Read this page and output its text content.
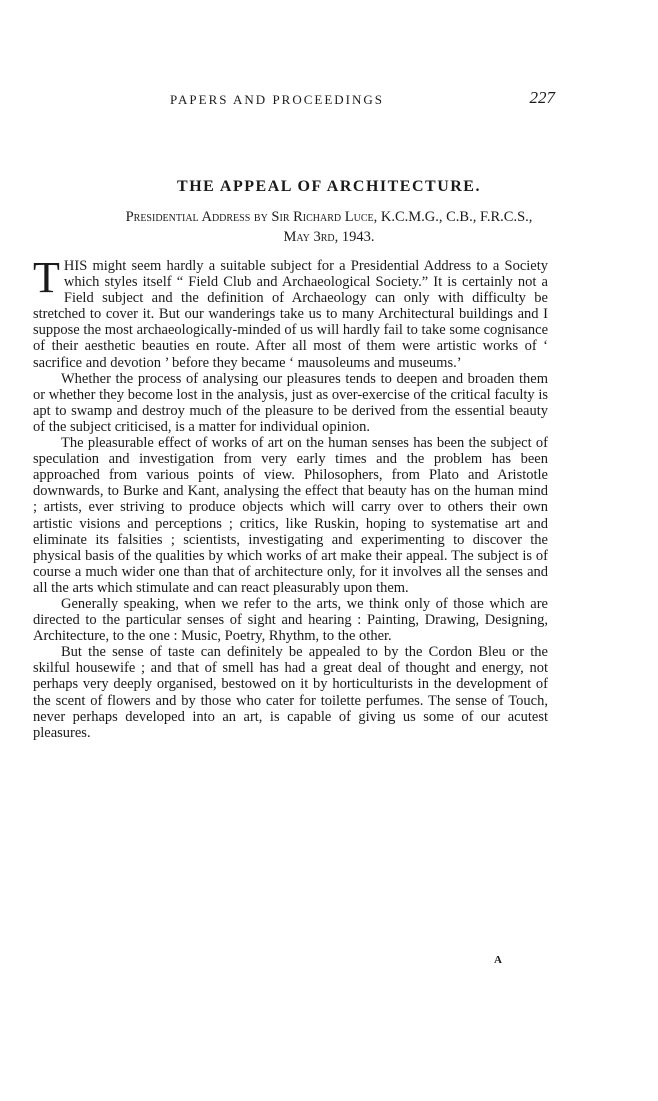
PAPERS AND PROCEEDINGS	227
THE APPEAL OF ARCHITECTURE.
Presidential Address by Sir Richard Luce, K.C.M.G., C.B., F.R.C.S.,
May 3rd, 1943.

THIS might seem hardly a suitable subject for a Presidential Address to a Society which styles itself “ Field Club and Archaeological Society.” It is certainly not a Field subject and the definition of Archaeology can only with difficulty be stretched to cover it. But our wanderings take us to many Architectural buildings and I suppose the most archaeologically-minded of us will hardly fail to take some cognisance of their aesthetic beauties en route. After all most of them were artistic works of ‘ sacrifice and devotion ’ before they became ‘ mausoleums and museums.’

Whether the process of analysing our pleasures tends to deepen and broaden them or whether they become lost in the analysis, just as over-exercise of the critical faculty is apt to swamp and destroy much of the pleasure to be derived from the essential beauty of the subject criticised, is a matter for individual opinion.

The pleasurable effect of works of art on the human senses has been the subject of speculation and investigation from very early times and the problem has been approached from various points of view. Philosophers, from Plato and Aristotle downwards, to Burke and Kant, analysing the effect that beauty has on the human mind ; artists, ever striving to produce objects which will carry over to others their own artistic visions and perceptions ; critics, like Ruskin, hoping to systematise art and eliminate its falsities ; scientists, investigating and experimenting to discover the physical basis of the qualities by which works of art make their appeal. The subject is of course a much wider one than that of architecture only, for it involves all the senses and all the arts which stimulate and can react pleasurably upon them.

Generally speaking, when we refer to the arts, we think only of those which are directed to the particular senses of sight and hearing : Painting, Drawing, Designing, Architecture, to the one : Music, Poetry, Rhythm, to the other.

But the sense of taste can definitely be appealed to by the Cordon Bleu or the skilful housewife ; and that of smell has had a great deal of thought and energy, not perhaps very deeply organised, bestowed on it by horticulturists in the development of the scent of flowers and by those who cater for toilette perfumes. The sense of Touch, never perhaps developed into an art, is capable of giving us some of our acutest pleasures.

A
